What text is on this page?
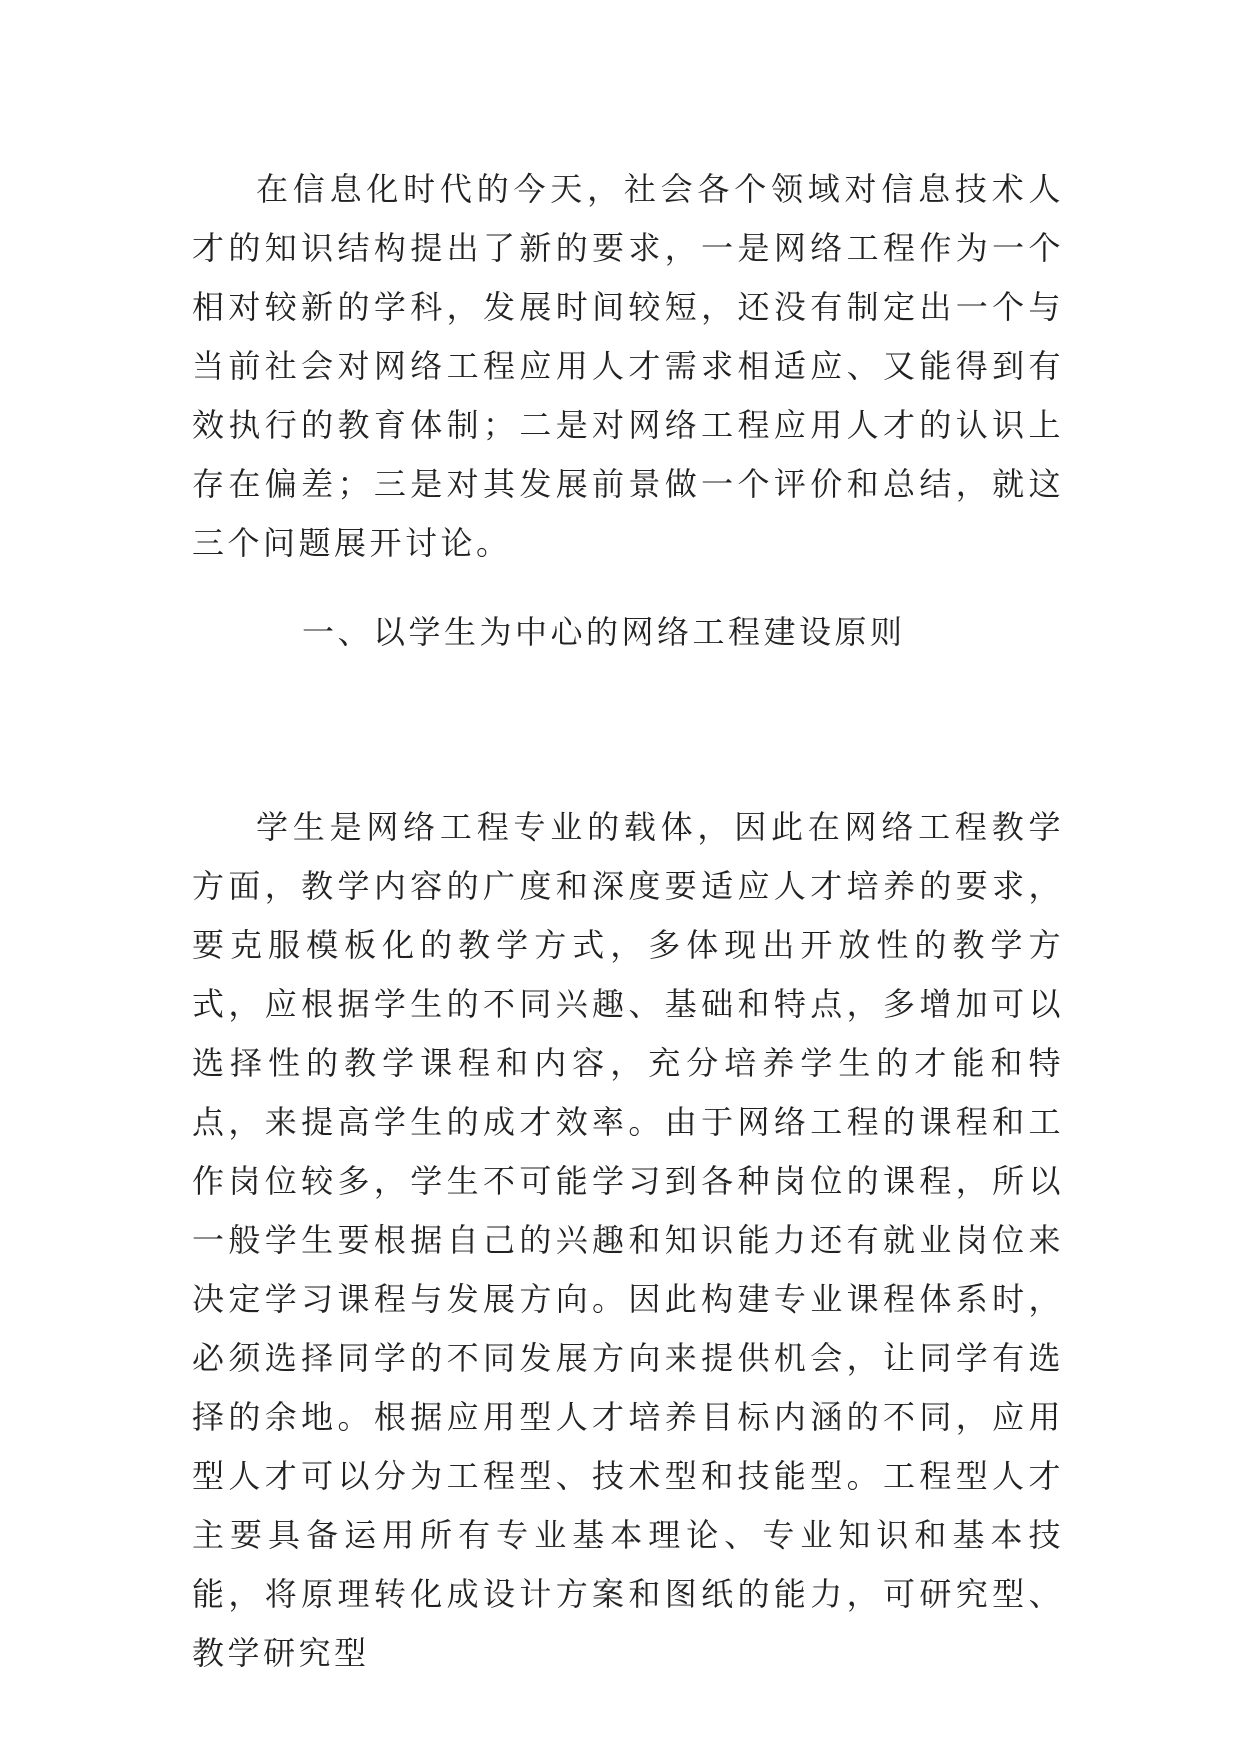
在信息化时代的今天，社会各个领域对信息技术人才的知识结构提出了新的要求，一是网络工程作为一个相对较新的学科，发展时间较短，还没有制定出一个与当前社会对网络工程应用人才需求相适应、又能得到有效执行的教育体制；二是对网络工程应用人才的认识上存在偏差；三是对其发展前景做一个评价和总结，就这三个问题展开讨论。

一、以学生为中心的网络工程建设原则

学生是网络工程专业的载体，因此在网络工程教学方面，教学内容的广度和深度要适应人才培养的要求，要克服模板化的教学方式，多体现出开放性的教学方式，应根据学生的不同兴趣、基础和特点，多增加可以选择性的教学课程和内容，充分培养学生的才能和特点，来提高学生的成才效率。由于网络工程的课程和工作岗位较多，学生不可能学习到各种岗位的课程，所以一般学生要根据自己的兴趣和知识能力还有就业岗位来决定学习课程与发展方向。因此构建专业课程体系时，必须选择同学的不同发展方向来提供机会，让同学有选择的余地。根据应用型人才培养目标内涵的不同，应用型人才可以分为工程型、技术型和技能型。工程型人才主要具备运用所有专业基本理论、专业知识和基本技能，将原理转化成设计方案和图纸的能力，可研究型、教学研究型
